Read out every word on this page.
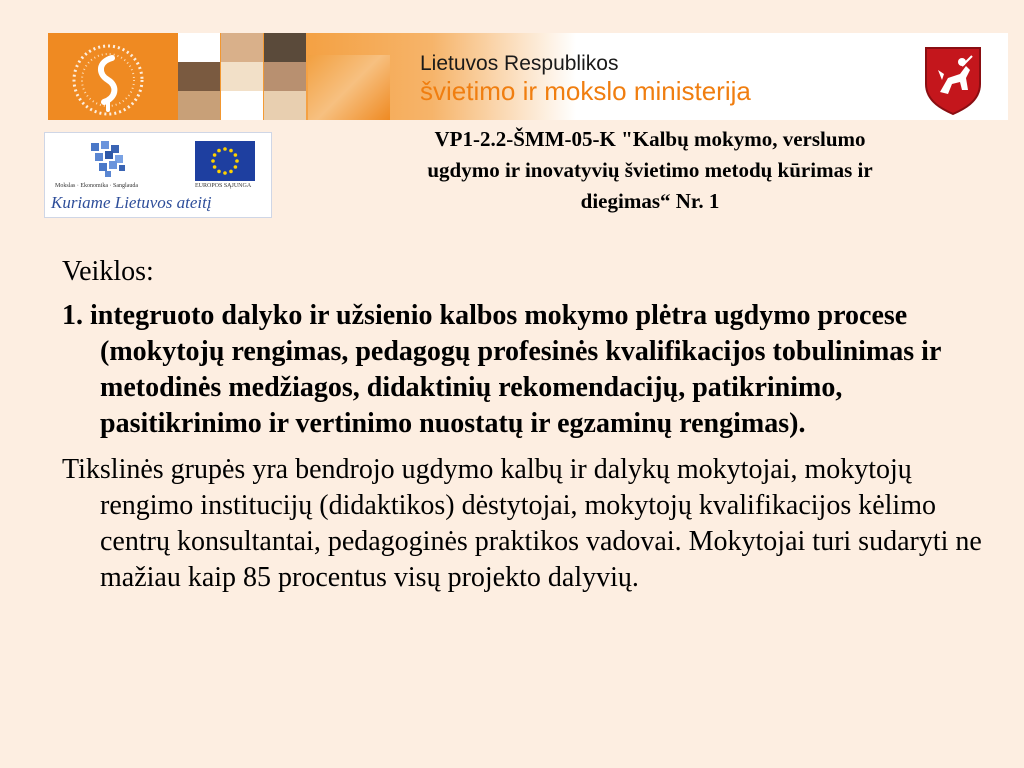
Lietuvos Respublikos
švietimo ir mokslo ministerija
Mokslas · Ekonomika · Sanglauda	EUROPOS SĄJUNGA
Kuriame Lietuvos ateitį
VP1-2.2-ŠMM-05-K "Kalbų mokymo, verslumo
ugdymo ir inovatyvių švietimo metodų kūrimas ir
diegimas“ Nr. 1

Veiklos:

1. integruoto dalyko ir užsienio kalbos mokymo plėtra ugdymo procese (mokytojų rengimas, pedagogų profesinės kvalifikacijos tobulinimas ir metodinės medžiagos, didaktinių rekomendacijų, patikrinimo, pasitikrinimo ir vertinimo nuostatų ir egzaminų rengimas).

Tikslinės grupės yra bendrojo ugdymo kalbų ir dalykų mokytojai, mokytojų rengimo institucijų (didaktikos) dėstytojai, mokytojų kvalifikacijos kėlimo centrų konsultantai, pedagoginės praktikos vadovai. Mokytojai turi sudaryti ne mažiau kaip 85 procentus visų projekto dalyvių.
